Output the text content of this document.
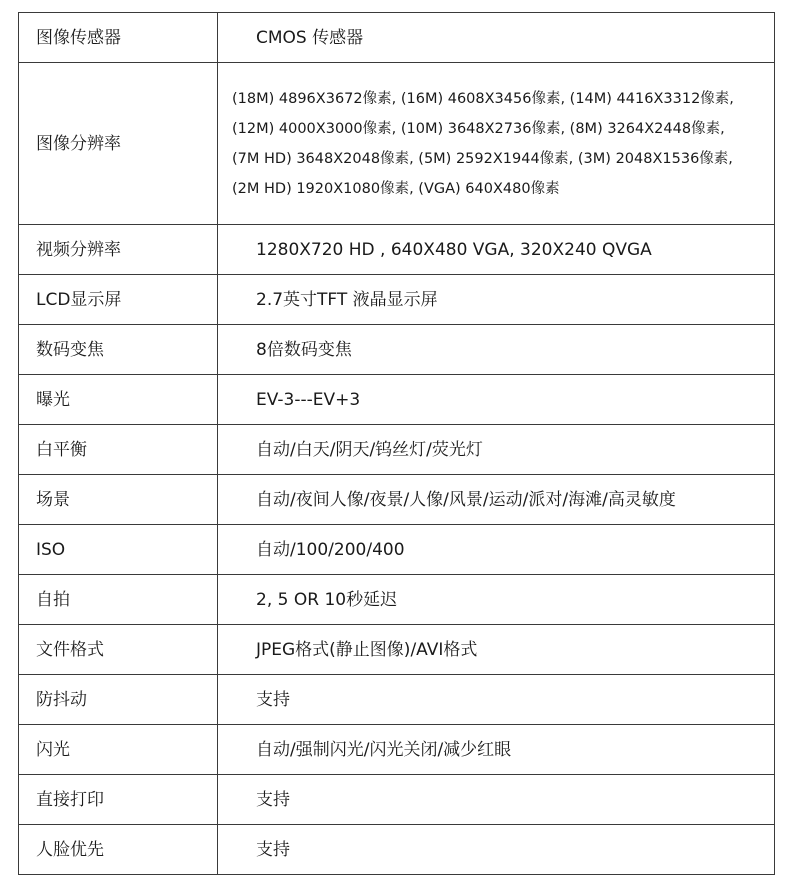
图像传感器	CMOS 传感器
图像分辨率	(18M) 4896X3672像素, (16M) 4608X3456像素, (14M) 4416X3312像素,
(12M) 4000X3000像素, (10M) 3648X2736像素, (8M) 3264X2448像素,
(7M HD) 3648X2048像素, (5M) 2592X1944像素, (3M) 2048X1536像素,
(2M HD) 1920X1080像素, (VGA) 640X480像素

视频分辨率	1280X720 HD , 640X480 VGA, 320X240 QVGA
LCD显示屏	2.7英寸TFT 液晶显示屏
数码变焦	8倍数码变焦
曝光	EV-3---EV+3
白平衡	自动/白天/阴天/钨丝灯/荧光灯
场景	自动/夜间人像/夜景/人像/风景/运动/派对/海滩/高灵敏度
ISO	自动/100/200/400
自拍	2, 5 OR 10秒延迟
文件格式	JPEG格式(静止图像)/AVI格式
防抖动	支持
闪光	自动/强制闪光/闪光关闭/减少红眼
直接打印	支持
人脸优先	支持
